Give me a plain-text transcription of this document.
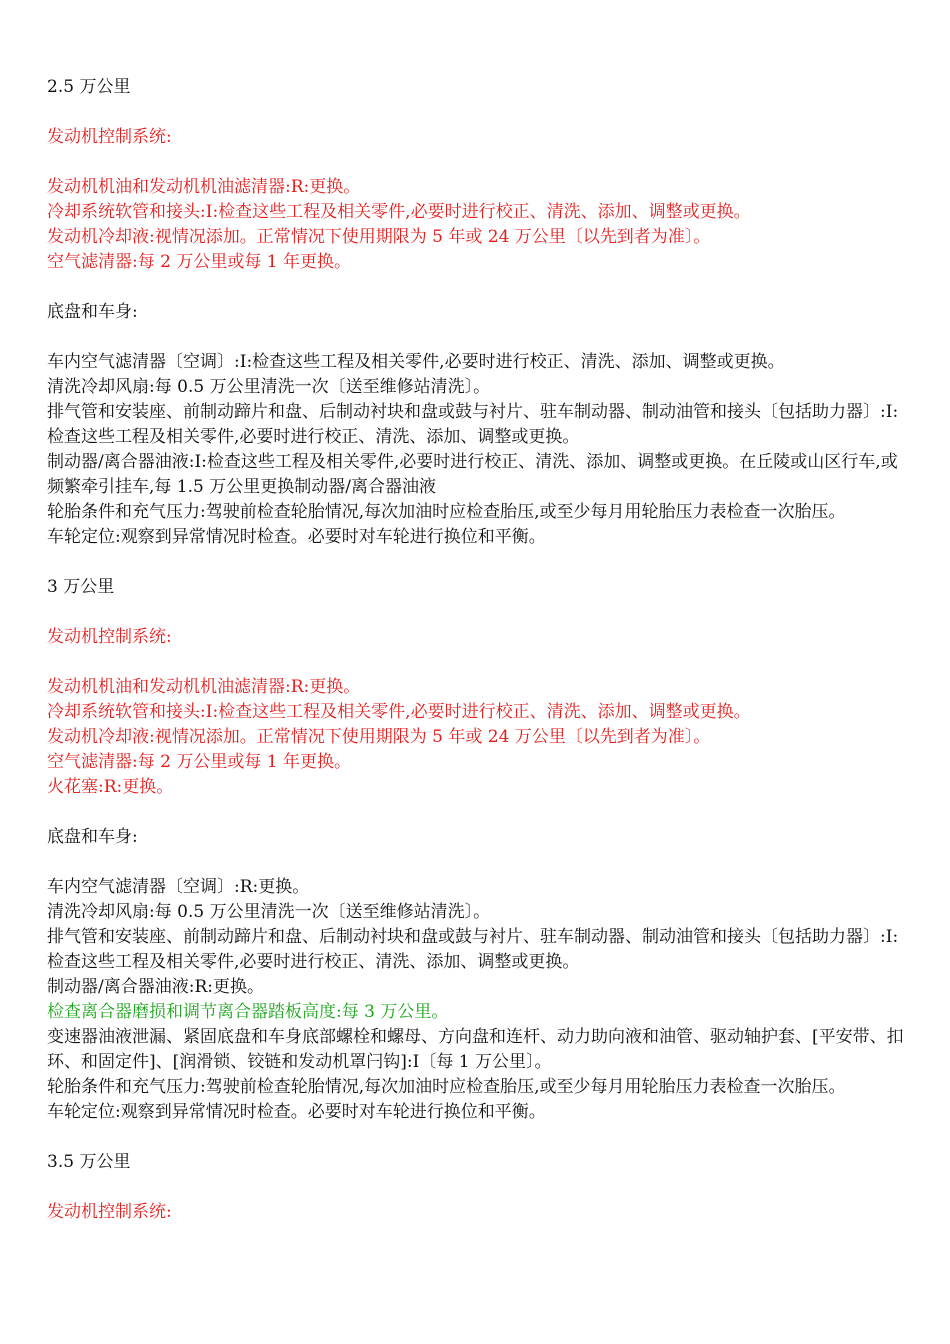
2.5 万公里

发动机控制系统:

发动机机油和发动机机油滤清器:R:更换。

冷却系统软管和接头:I:检查这些工程及相关零件,必要时进行校正、清洗、添加、调整或更换。

发动机冷却液:视情况添加。正常情况下使用期限为 5 年或 24 万公里〔以先到者为准〕。

空气滤清器:每 2 万公里或每 1 年更换。

底盘和车身:

车内空气滤清器〔空调〕:I:检查这些工程及相关零件,必要时进行校正、清洗、添加、调整或更换。

清洗冷却风扇:每 0.5 万公里清洗一次〔送至维修站清洗〕。

排气管和安装座、前制动蹄片和盘、后制动衬块和盘或鼓与衬片、驻车制动器、制动油管和接头〔包括助力器〕:I:检查这些工程及相关零件,必要时进行校正、清洗、添加、调整或更换。

制动器/离合器油液:I:检查这些工程及相关零件,必要时进行校正、清洗、添加、调整或更换。在丘陵或山区行车,或频繁牵引挂车,每 1.5 万公里更换制动器/离合器油液

轮胎条件和充气压力:驾驶前检查轮胎情况,每次加油时应检查胎压,或至少每月用轮胎压力表检查一次胎压。

车轮定位:观察到异常情况时检查。必要时对车轮进行换位和平衡。

3 万公里

发动机控制系统:

发动机机油和发动机机油滤清器:R:更换。

冷却系统软管和接头:I:检查这些工程及相关零件,必要时进行校正、清洗、添加、调整或更换。

发动机冷却液:视情况添加。正常情况下使用期限为 5 年或 24 万公里〔以先到者为准〕。

空气滤清器:每 2 万公里或每 1 年更换。

火花塞:R:更换。

底盘和车身:

车内空气滤清器〔空调〕:R:更换。

清洗冷却风扇:每 0.5 万公里清洗一次〔送至维修站清洗〕。

排气管和安装座、前制动蹄片和盘、后制动衬块和盘或鼓与衬片、驻车制动器、制动油管和接头〔包括助力器〕:I:检查这些工程及相关零件,必要时进行校正、清洗、添加、调整或更换。

制动器/离合器油液:R:更换。

检查离合器磨损和调节离合器踏板高度:每 3 万公里。

变速器油液泄漏、紧固底盘和车身底部螺栓和螺母、方向盘和连杆、动力助向液和油管、驱动轴护套、[平安带、扣环、和固定件]、[润滑锁、铰链和发动机罩闩钩]:I〔每 1 万公里〕。

轮胎条件和充气压力:驾驶前检查轮胎情况,每次加油时应检查胎压,或至少每月用轮胎压力表检查一次胎压。

车轮定位:观察到异常情况时检查。必要时对车轮进行换位和平衡。

3.5 万公里

发动机控制系统:
